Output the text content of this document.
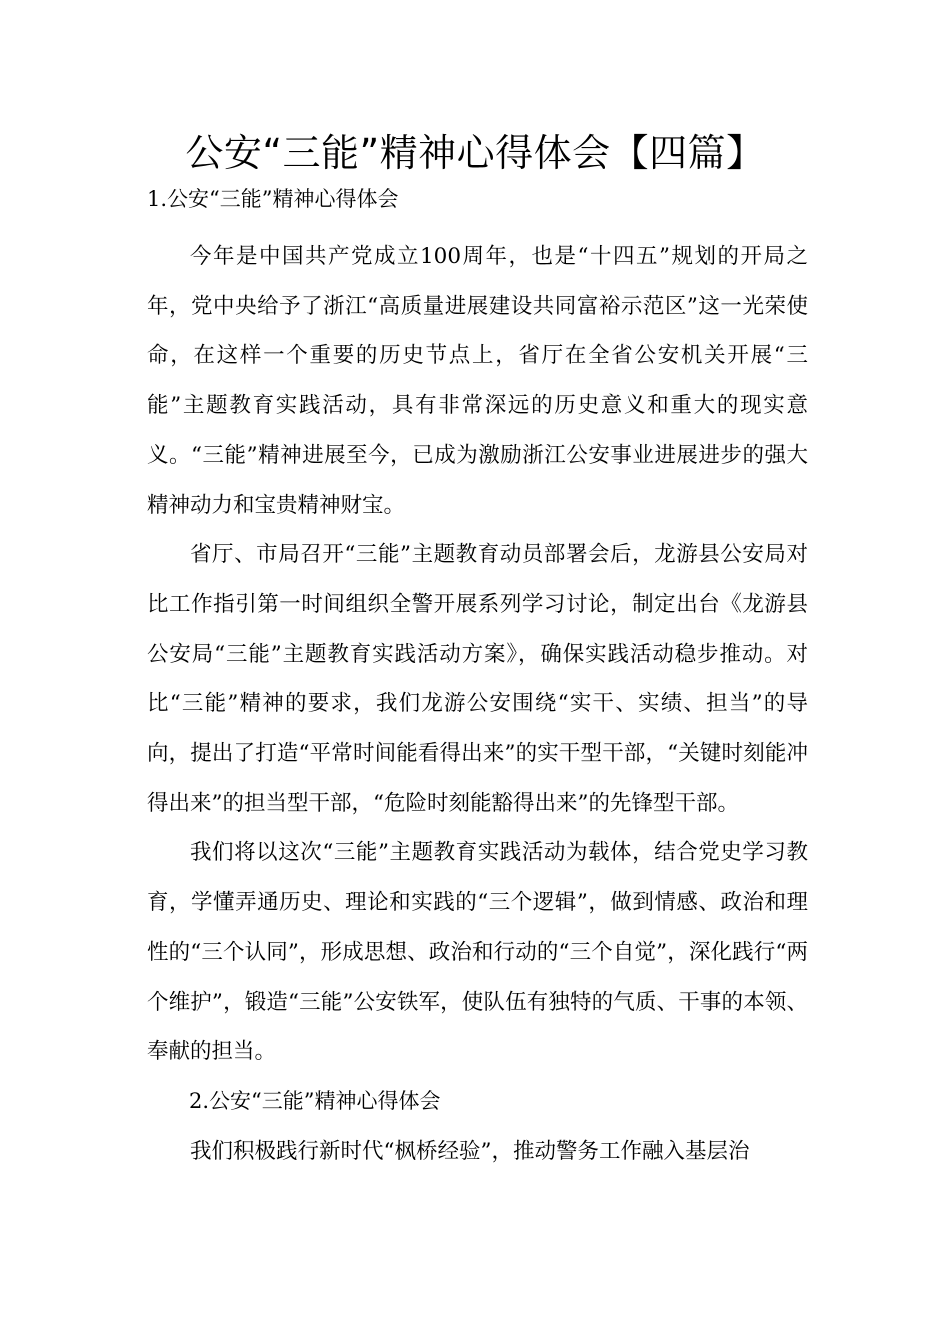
公安“三能”精神心得体会【四篇】
1.公安“三能”精神心得体会

今年是中国共产党成立100周年，也是“十四五”规划的开局之年，党中央给予了浙江“高质量进展建设共同富裕示范区”这一光荣使命，在这样一个重要的历史节点上，省厅在全省公安机关开展“三能”主题教育实践活动，具有非常深远的历史意义和重大的现实意义。“三能”精神进展至今，已成为激励浙江公安事业进展进步的强大精神动力和宝贵精神财宝。

省厅、市局召开“三能”主题教育动员部署会后，龙游县公安局对比工作指引第一时间组织全警开展系列学习讨论，制定出台《龙游县公安局“三能”主题教育实践活动方案》，确保实践活动稳步推动。对比“三能”精神的要求，我们龙游公安围绕“实干、实绩、担当”的导向，提出了打造“平常时间能看得出来”的实干型干部，“关键时刻能冲得出来”的担当型干部，“危险时刻能豁得出来”的先锋型干部。

我们将以这次“三能”主题教育实践活动为载体，结合党史学习教育，学懂弄通历史、理论和实践的“三个逻辑”，做到情感、政治和理性的“三个认同”，形成思想、政治和行动的“三个自觉”，深化践行“两个维护”，锻造“三能”公安铁军，使队伍有独特的气质、干事的本领、奉献的担当。

2.公安“三能”精神心得体会

我们积极践行新时代“枫桥经验”，推动警务工作融入基层治
